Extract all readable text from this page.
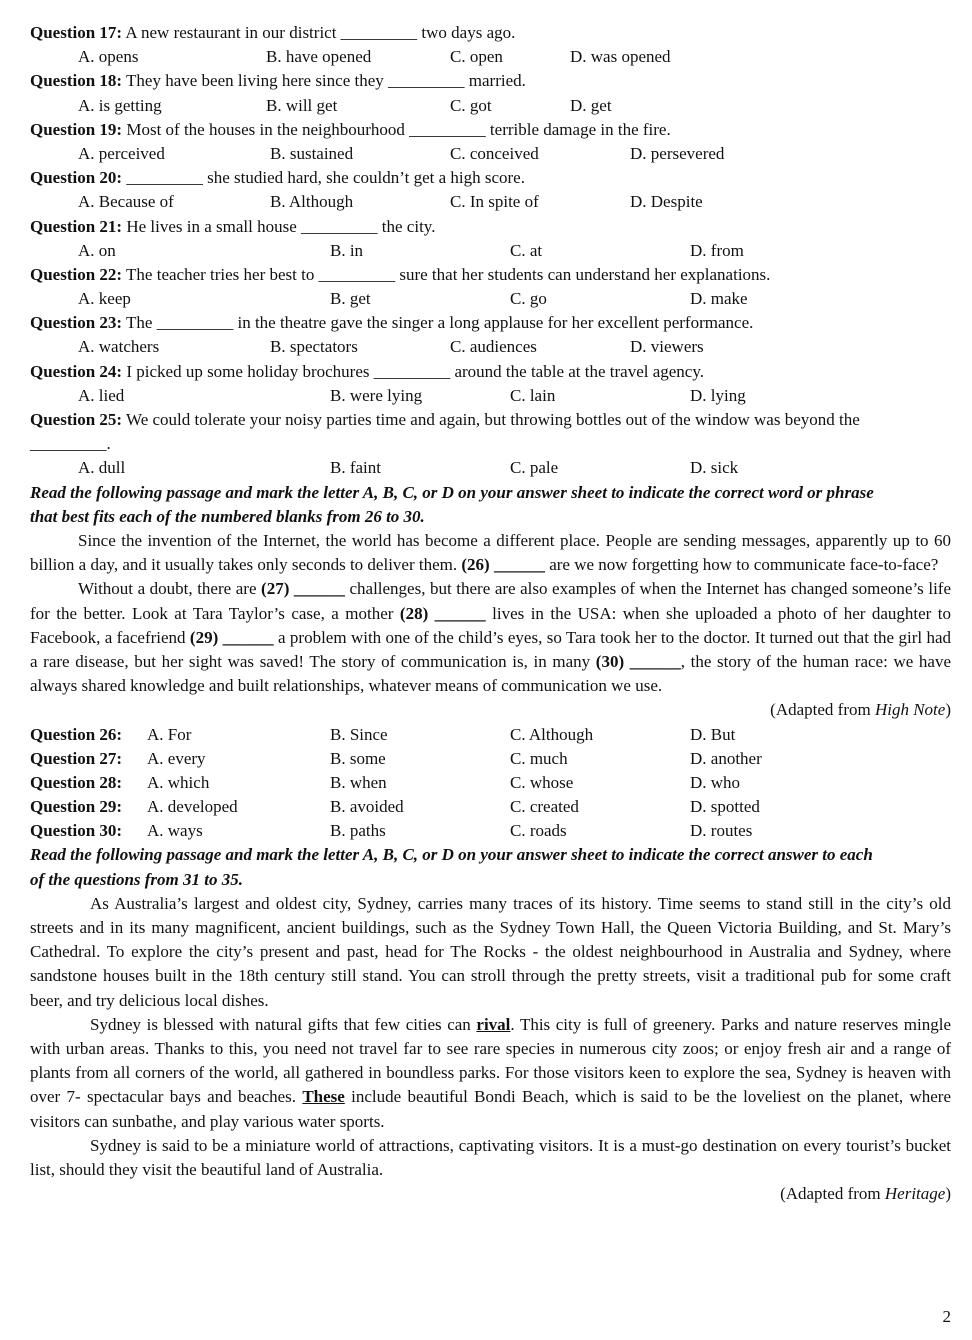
Question 17: A new restaurant in our district _________ two days ago.
A. opens	B. have opened	C. open	D. was opened
Question 18: They have been living here since they _________ married.
A. is getting	B. will get	C. got	D. get
Question 19: Most of the houses in the neighbourhood _________ terrible damage in the fire.
A. perceived	B. sustained	C. conceived	D. persevered
Question 20: _________ she studied hard, she couldn’t get a high score.
A. Because of	B. Although	C. In spite of	D. Despite
Question 21: He lives in a small house _________ the city.
A. on	B. in	C. at	D. from
Question 22: The teacher tries her best to _________ sure that her students can understand her explanations.
A. keep	B. get	C. go	D. make
Question 23: The _________ in the theatre gave the singer a long applause for her excellent performance.
A. watchers	B. spectators	C. audiences	D. viewers
Question 24: I picked up some holiday brochures _________ around the table at the travel agency.
A. lied	B. were lying	C. lain	D. lying
Question 25: We could tolerate your noisy parties time and again, but throwing bottles out of the window was beyond the
_________.
A. dull	B. faint	C. pale	D. sick
Read the following passage and mark the letter A, B, C, or D on your answer sheet to indicate the correct word or phrase
that best fits each of the numbered blanks from 26 to 30.
Since the invention of the Internet, the world has become a different place. People are sending messages, apparently up to 60 billion a day, and it usually takes only seconds to deliver them. (26) ______ are we now forgetting how to communicate face-to-face?
Without a doubt, there are (27) ______ challenges, but there are also examples of when the Internet has changed someone’s life for the better. Look at Tara Taylor’s case, a mother (28) ______ lives in the USA: when she uploaded a photo of her daughter to Facebook, a facefriend (29) ______ a problem with one of the child’s eyes, so Tara took her to the doctor. It turned out that the girl had a rare disease, but her sight was saved! The story of communication is, in many (30) ______, the story of the human race: we have always shared knowledge and built relationships, whatever means of communication we use.
(Adapted from High Note)
Question 26: A. For	B. Since	C. Although	D. But
Question 27: A. every	B. some	C. much	D. another
Question 28: A. which	B. when	C. whose	D. who
Question 29: A. developed	B. avoided	C. created	D. spotted
Question 30: A. ways	B. paths	C. roads	D. routes
Read the following passage and mark the letter A, B, C, or D on your answer sheet to indicate the correct answer to each
of the questions from 31 to 35.
As Australia’s largest and oldest city, Sydney, carries many traces of its history. Time seems to stand still in the city’s old streets and in its many magnificent, ancient buildings, such as the Sydney Town Hall, the Queen Victoria Building, and St. Mary’s Cathedral. To explore the city’s present and past, head for The Rocks - the oldest neighbourhood in Australia and Sydney, where sandstone houses built in the 18th century still stand. You can stroll through the pretty streets, visit a traditional pub for some craft beer, and try delicious local dishes.
Sydney is blessed with natural gifts that few cities can rival. This city is full of greenery. Parks and nature reserves mingle with urban areas. Thanks to this, you need not travel far to see rare species in numerous city zoos; or enjoy fresh air and a range of plants from all corners of the world, all gathered in boundless parks. For those visitors keen to explore the sea, Sydney is heaven with over 7- spectacular bays and beaches. These include beautiful Bondi Beach, which is said to be the loveliest on the planet, where visitors can sunbathe, and play various water sports.
Sydney is said to be a miniature world of attractions, captivating visitors. It is a must-go destination on every tourist’s bucket list, should they visit the beautiful land of Australia.
(Adapted from Heritage)
2
